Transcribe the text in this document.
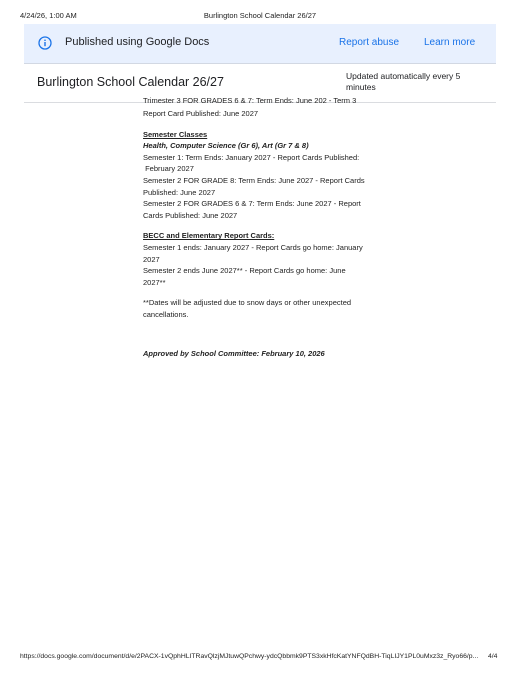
4/24/26, 1:00 AM	Burlington School Calendar 26/27
Published using Google Docs	Report abuse Learn more
Burlington School Calendar 26/27	Updated automatically every 5
minutes
Trimester 3 FOR GRADES 6 & 7: Term Ends: June 202 - Term 3

Report Card Published: June 2027

Semester Classes

Health, Computer Science (Gr 6), Art (Gr 7 & 8)

Semester 1: Term Ends: January 2027 - Report Cards Published:

February 2027

Semester 2 FOR GRADE 8: Term Ends: June 2027 - Report Cards

Published: June 2027

Semester 2 FOR GRADES 6 & 7: Term Ends: June 2027 - Report

Cards Published: June 2027

BECC and Elementary Report Cards:

Semester 1 ends: January 2027 - Report Cards go home: January

2027

Semester 2 ends June 2027** - Report Cards go home: June

2027**

**Dates will be adjusted due to snow days or other unexpected

cancellations.

Approved by School Committee: February 10, 2026

https://docs.google.com/document/d/e/2PACX-1vQphHLITRavQlzjMJtuwQPchwy-ydcQbbmk9PTS3xkHfcKatYNFQdBH-TiqLIJY1PL0uMxz3z_Ryo66/p... 4/4
